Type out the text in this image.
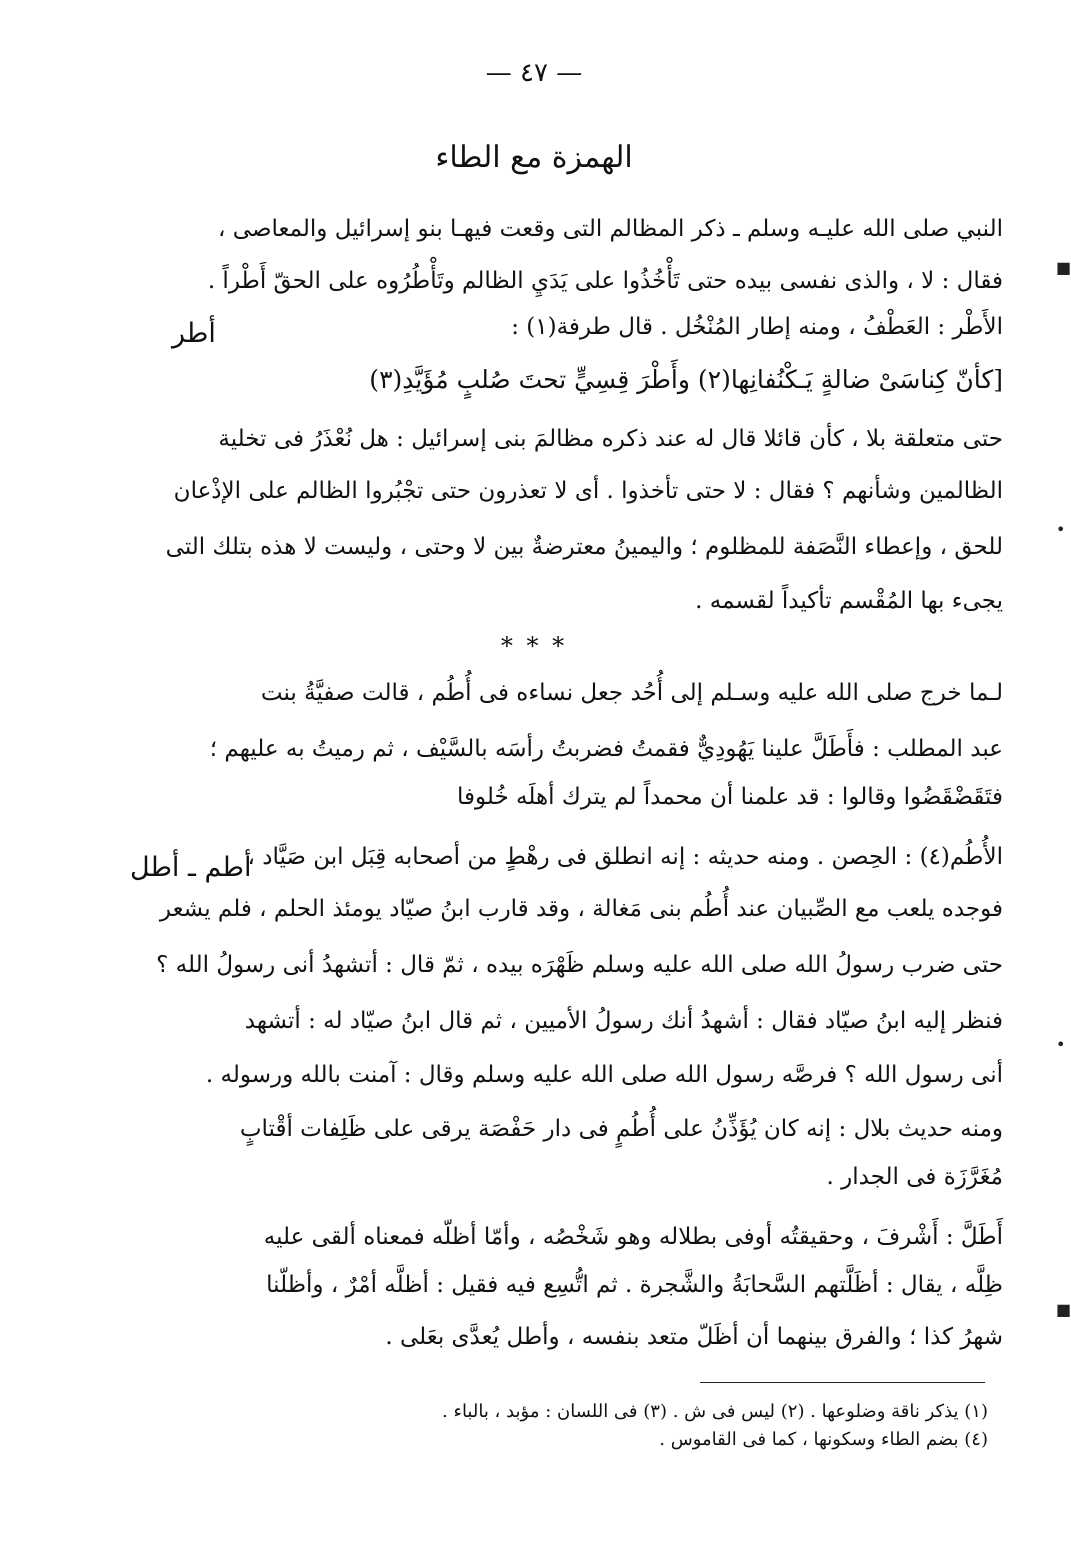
— ٤٧ —
الهمزة مع الطاء
أطر
أطم ـ أطل
النبي صلى الله عليـه وسلم ـ ذكر المظالم التى وقعت فيهـا بنو إسرائيل والمعاصى ،
فقال : لا ، والذى نفسى بيده حتى تَأْخُذُوا على يَدَيِ الظالم وتَأْطُرُوه على الحقّ أَطْراً .
الأَطْر : العَطْفُ ، ومنه إطار المُنْخُل . قال طرفة(١) :
[كأنّ كِناسَىْ ضالةٍ يَـكْنُفانِها(٢) وأَطْرَ قِسِيٍّ تحتَ صُلبٍ مُؤَيَّدِ(٣)
حتى متعلقة بلا ، كأن قائلا قال له عند ذكره مظالمَ بنى إسرائيل : هل نُعْذَرُ فى تخلية
الظالمين وشأنهم ؟ فقال : لا حتى تأخذوا . أى لا تعذرون حتى تجْبُروا الظالم على الإذْعان
للحق ، وإعطاء النَّصَفة للمظلوم ؛ واليمينُ معترضةٌ بين لا وحتى ، وليست لا هذه بتلك التى
يجىء بها المُقْسم تأكيداً لقسمه .
لـما خرج صلى الله عليه وسـلم إلى أُحُد جعل نساءه فى أُطُم ، قالت صفيَّةُ بنت
عبد المطلب : فأَطَلَّ علينا يَهُودِيٌّ فقمتُ فضربتُ رأسَه بالسَّيْف ، ثم رميتُ به عليهم ؛
فتَقَضْقَضُوا وقالوا : قد علمنا أن محمداً لم يترك أهلَه خُلوفا
الأُطُم(٤) : الحِصن . ومنه حديثه : إنه انطلق فى رهْطٍ من أصحابه قِبَل ابن صَيَّاد ،
فوجده يلعب مع الصِّبيان عند أُطُم بنى مَغالة ، وقد قارب ابنُ صيّاد يومئذ الحلم ، فلم يشعر
حتى ضرب رسولُ الله صلى الله عليه وسلم ظَهْرَه بيده ، ثمّ قال : أتشهدُ أنى رسولُ الله ؟
فنظر إليه ابنُ صيّاد فقال : أشهدُ أنك رسولُ الأميين ، ثم قال ابنُ صيّاد له : أتشهد
أنى رسول الله ؟ فرصَّه رسول الله صلى الله عليه وسلم وقال : آمنت بالله ورسوله .
ومنه حديث بلال : إنه كان يُؤَذِّنُ على أُطُمٍ فى دار حَفْصَة يرقى على ظَلِفات أقْتابٍ
مُغَرَّزَة فى الجدار .
أَطَلَّ : أَشْرفَ ، وحقيقتُه أوفى بطلاله وهو شَخْصُه ، وأمّا أظلّه فمعناه ألقى عليه
ظِلَّه ، يقال : أظَلَّتهم السَّحابَةُ والشَّجرة . ثم اتُّسِع فيه فقيل : أظلَّه أمْرٌ ، وأظلّنا
شهرُ كذا ؛ والفرق بينهما أن أظَلّ متعد بنفسه ، وأطل يُعدَّى بعَلى .
* * *
(١) يذكر ناقة وضلوعها . (٢) ليس فى ش . (٣) فى اللسان : مؤبد ، بالباء .
(٤) بضم الطاء وسكونها ، كما فى القاموس .
■
•
•
■
